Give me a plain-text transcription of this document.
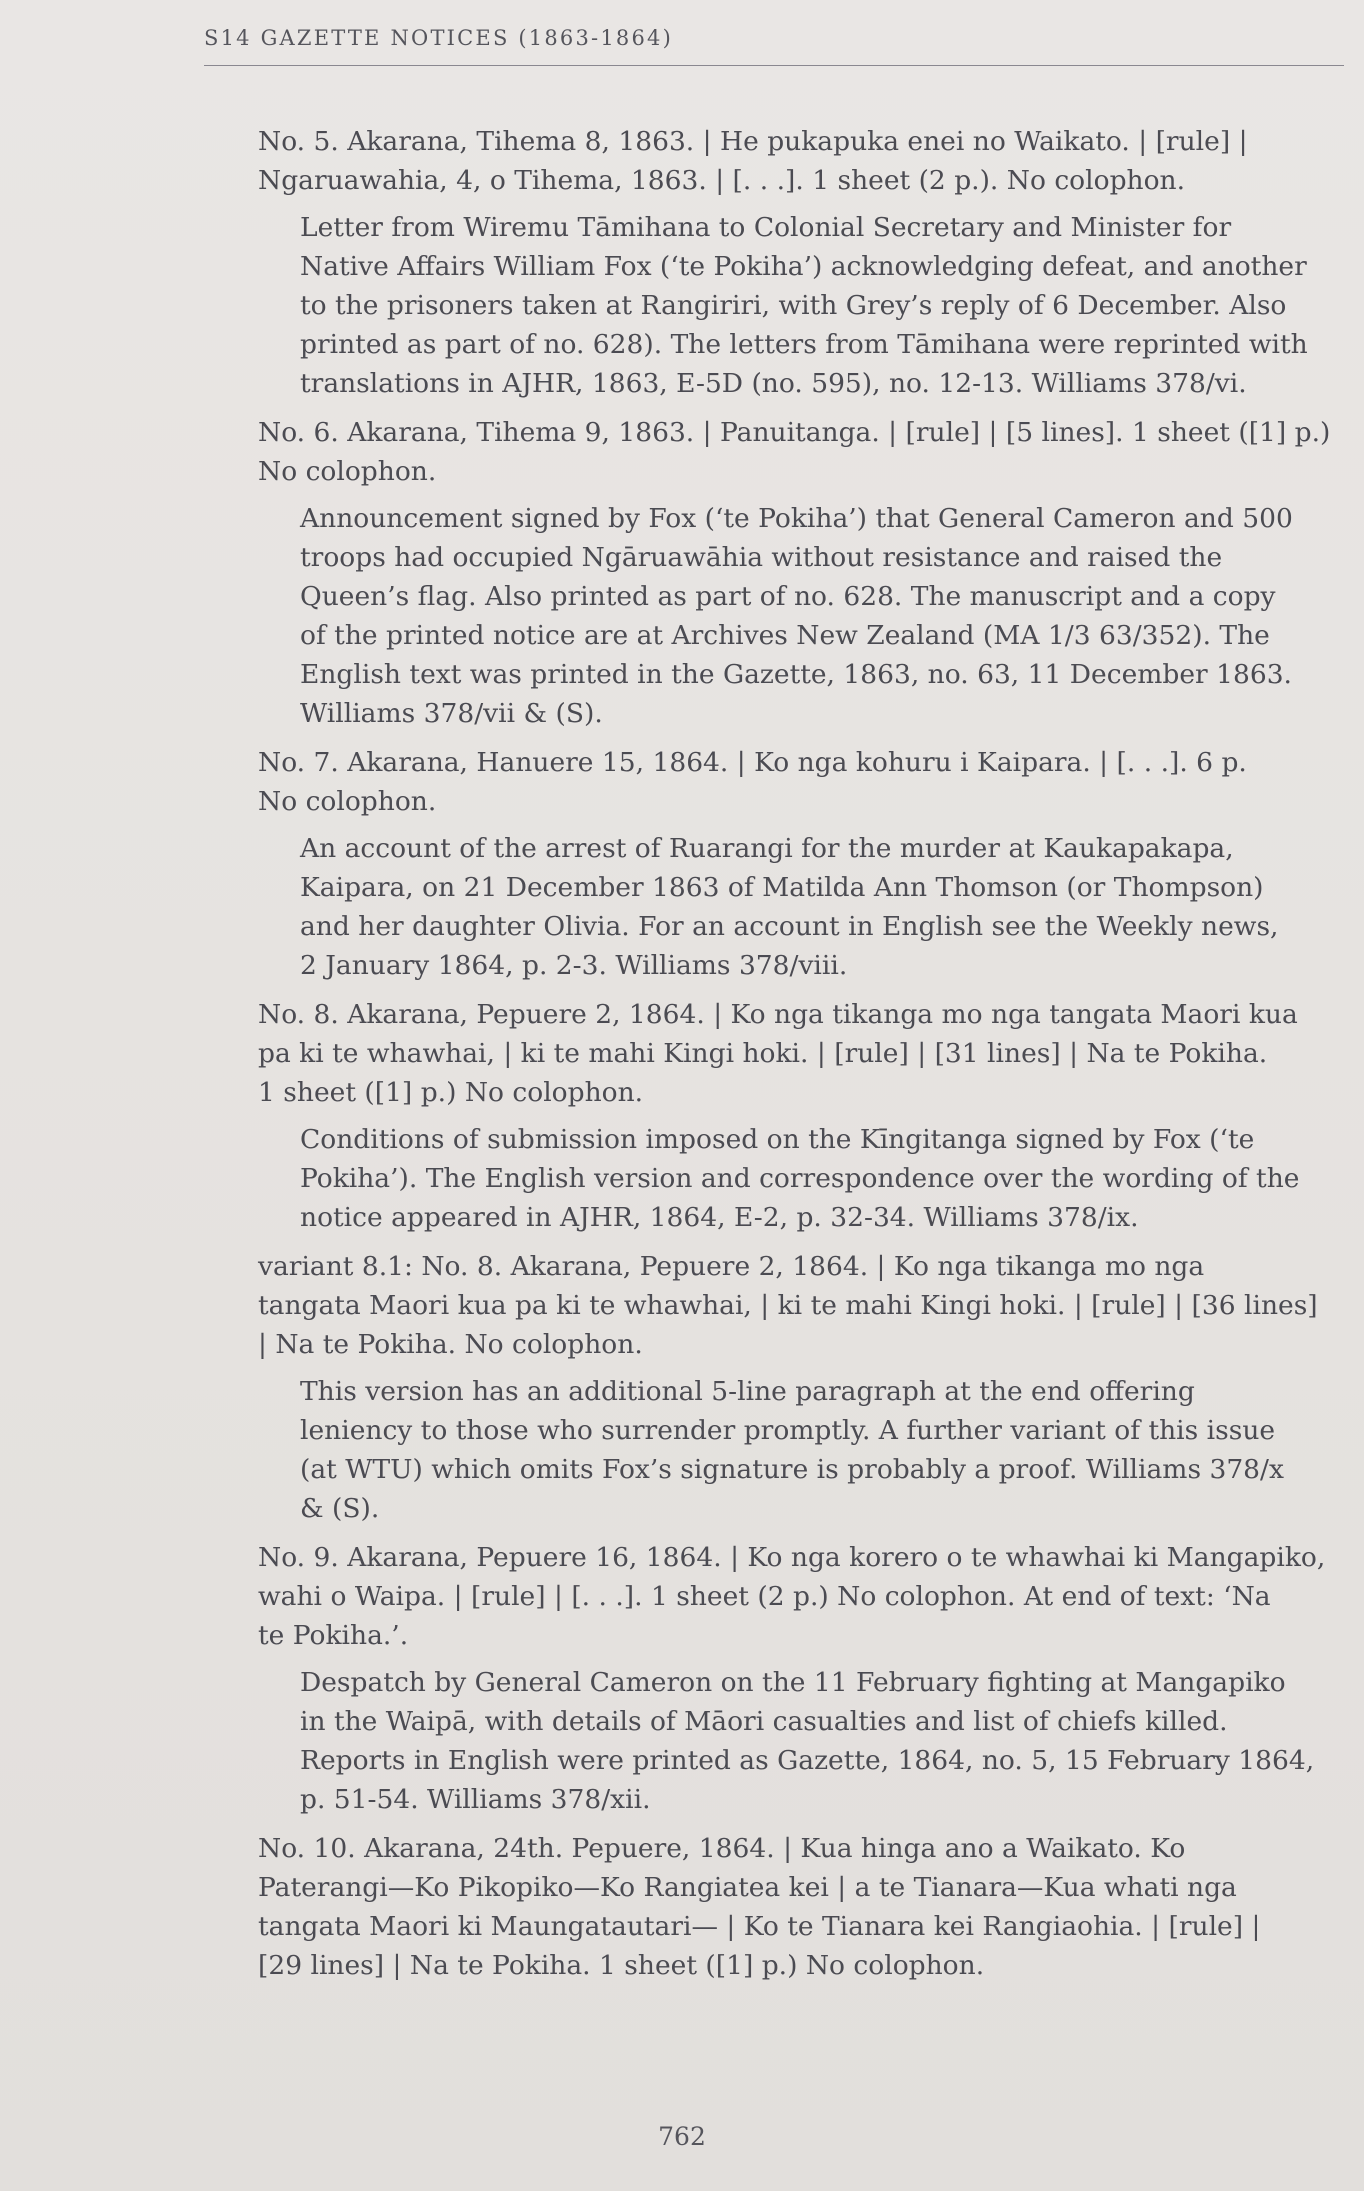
S14 GAZETTE NOTICES (1863-1864)

No. 5. Akarana, Tihema 8, 1863. | He pukapuka enei no Waikato. | [rule] |
Ngaruawahia, 4, o Tihema, 1863. | [. . .]. 1 sheet (2 p.). No colophon.

Letter from Wiremu Tāmihana to Colonial Secretary and Minister for
Native Affairs William Fox (‘te Pokiha’) acknowledging defeat, and another
to the prisoners taken at Rangiriri, with Grey’s reply of 6 December. Also
printed as part of no. 628). The letters from Tāmihana were reprinted with
translations in AJHR, 1863, E-5D (no. 595), no. 12-13. Williams 378/vi.

No. 6. Akarana, Tihema 9, 1863. | Panuitanga. | [rule] | [5 lines]. 1 sheet ([1] p.)
No colophon.

Announcement signed by Fox (‘te Pokiha’) that General Cameron and 500
troops had occupied Ngāruawāhia without resistance and raised the
Queen’s flag. Also printed as part of no. 628. The manuscript and a copy
of the printed notice are at Archives New Zealand (MA 1/3 63/352). The
English text was printed in the Gazette, 1863, no. 63, 11 December 1863.
Williams 378/vii & (S).

No. 7. Akarana, Hanuere 15, 1864. | Ko nga kohuru i Kaipara. | [. . .]. 6 p.
No colophon.

An account of the arrest of Ruarangi for the murder at Kaukapakapa,
Kaipara, on 21 December 1863 of Matilda Ann Thomson (or Thompson)
and her daughter Olivia. For an account in English see the Weekly news,
2 January 1864, p. 2-3. Williams 378/viii.

No. 8. Akarana, Pepuere 2, 1864. | Ko nga tikanga mo nga tangata Maori kua
pa ki te whawhai, | ki te mahi Kingi hoki. | [rule] | [31 lines] | Na te Pokiha.
1 sheet ([1] p.) No colophon.

Conditions of submission imposed on the Kīngitanga signed by Fox (‘te
Pokiha’). The English version and correspondence over the wording of the
notice appeared in AJHR, 1864, E-2, p. 32-34. Williams 378/ix.

variant 8.1: No. 8. Akarana, Pepuere 2, 1864. | Ko nga tikanga mo nga
tangata Maori kua pa ki te whawhai, | ki te mahi Kingi hoki. | [rule] | [36 lines]
| Na te Pokiha. No colophon.

This version has an additional 5-line paragraph at the end offering
leniency to those who surrender promptly. A further variant of this issue
(at WTU) which omits Fox’s signature is probably a proof. Williams 378/x
& (S).

No. 9. Akarana, Pepuere 16, 1864. | Ko nga korero o te whawhai ki Mangapiko,
wahi o Waipa. | [rule] | [. . .]. 1 sheet (2 p.) No colophon. At end of text: ‘Na
te Pokiha.’.

Despatch by General Cameron on the 11 February fighting at Mangapiko
in the Waipā, with details of Māori casualties and list of chiefs killed.
Reports in English were printed as Gazette, 1864, no. 5, 15 February 1864,
p. 51-54. Williams 378/xii.

No. 10. Akarana, 24th. Pepuere, 1864. | Kua hinga ano a Waikato. Ko
Paterangi—Ko Pikopiko—Ko Rangiatea kei | a te Tianara—Kua whati nga
tangata Maori ki Maungatautari— | Ko te Tianara kei Rangiaohia. | [rule] |
[29 lines] | Na te Pokiha. 1 sheet ([1] p.) No colophon.

762
